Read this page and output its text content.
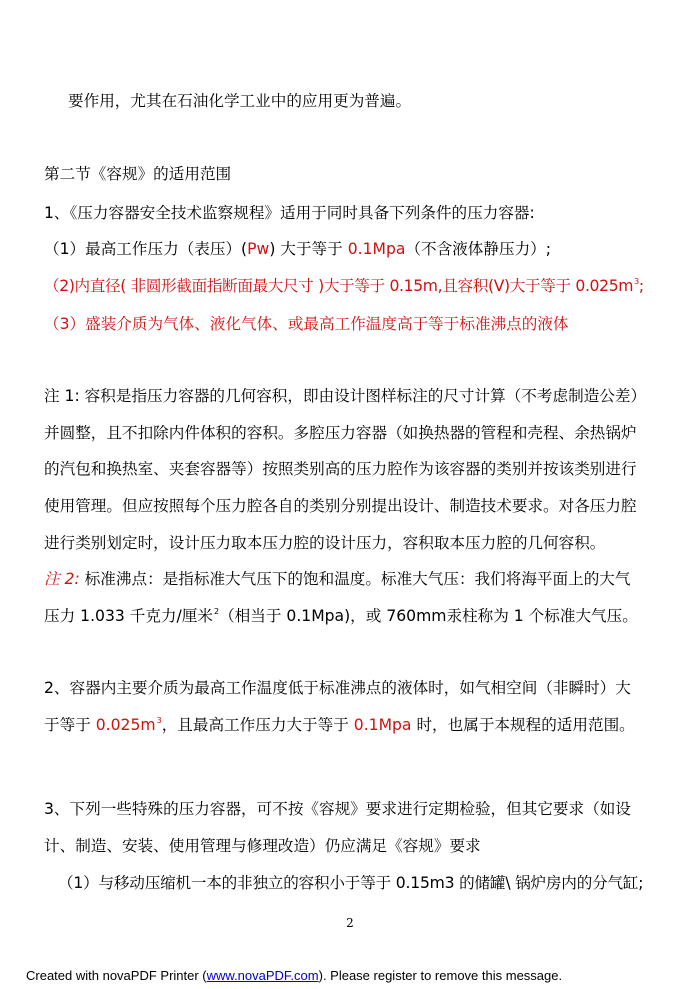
要作用，尤其在石油化学工业中的应用更为普遍。
第二节《容规》的适用范围
1、《压力容器安全技术监察规程》适用于同时具备下列条件的压力容器:
（1）最高工作压力（表压）(Pw) 大于等于 0.1Mpa（不含液体静压力）;
（2)内直径( 非圆形截面指断面最大尺寸 )大于等于 0.15m,且容积(V)大于等于 $0.025m^3$;
（3）盛装介质为气体、液化气体、或最高工作温度高于等于标准沸点的液体
注 1: 容积是指压力容器的几何容积，即由设计图样标注的尺寸计算（不考虑制造公差）
并圆整，且不扣除内件体积的容积。多腔压力容器（如换热器的管程和壳程、余热锅炉
的汽包和换热室、夹套容器等）按照类别高的压力腔作为该容器的类别并按该类别进行
使用管理。但应按照每个压力腔各自的类别分别提出设计、制造技术要求。对各压力腔
进行类别划定时，设计压力取本压力腔的设计压力，容积取本压力腔的几何容积。
注 2: 标准沸点：是指标准大气压下的饱和温度。标准大气压：我们将海平面上的大气
压力 1.033 千克力/厘米$^2$（相当于 0.1Mpa)，或 760mm汞柱称为 1 个标准大气压。
2、容器内主要介质为最高工作温度低于标准沸点的液体时，如气相空间（非瞬时）大
于等于 $0.025m^3$，且最高工作压力大于等于 0.1Mpa 时，也属于本规程的适用范围。
3、下列一些特殊的压力容器，可不按《容规》要求进行定期检验，但其它要求（如设
计、制造、安装、使用管理与修理改造）仍应满足《容规》要求
（1）与移动压缩机一本的非独立的容积小于等于 0.15m3 的储罐\ 锅炉房内的分气缸;
2
Created with novaPDF Printer (www.novaPDF.com). Please register to remove this message.
